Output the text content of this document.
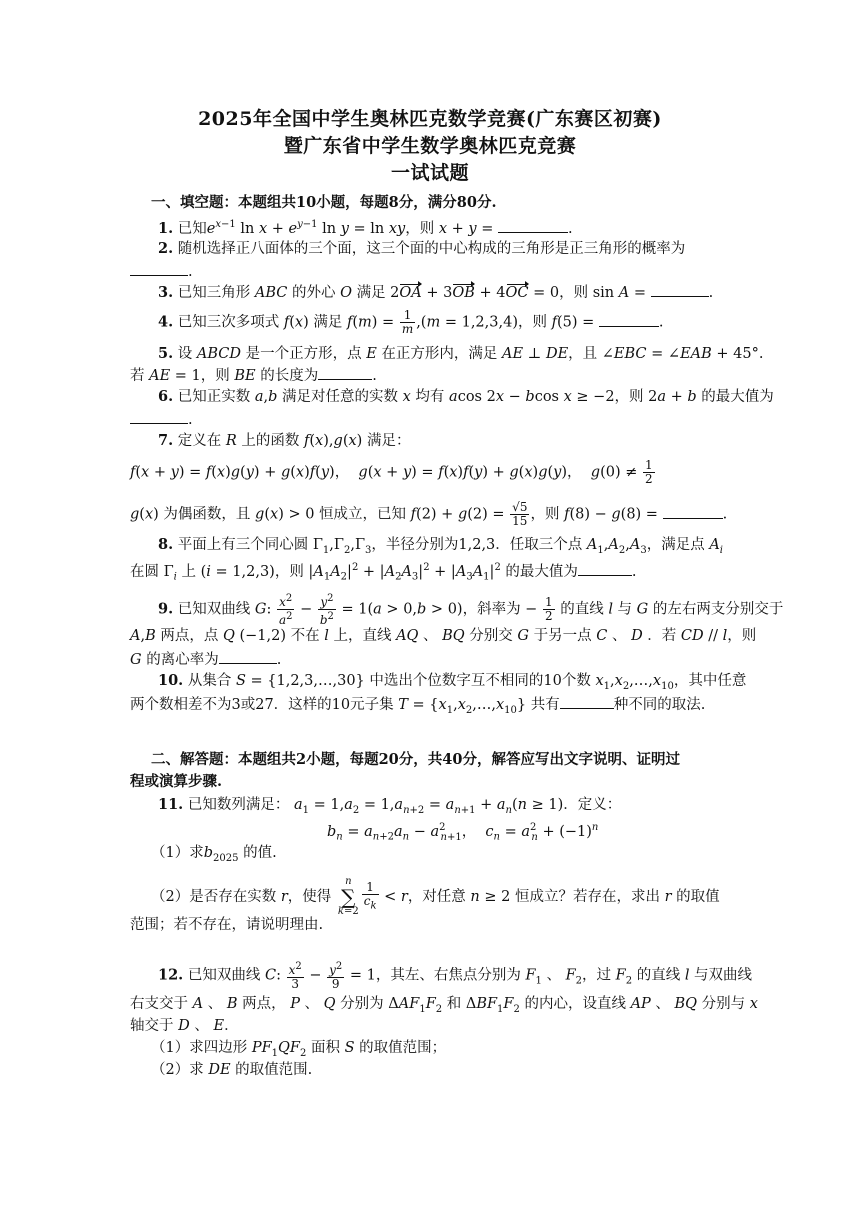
2025年全国中学生奥林匹克数学竞赛(广东赛区初赛)
暨广东省中学生数学奥林匹克竞赛
一试试题
一、填空题：本题组共10小题，每题8分，满分80分.
1. 已知$e^{x-1}$ $\ln x + e^{y-1}$ ln y = ln xy，则 x + y =	.
2. 随机选择正八面体的三个面，这三个面的中心构成的三角形是正三角形的概率为
.
3. 已知三角形 ABC 的外心 O 满足 2OA + 3OB + 4OC = 0，则 sin A =	.
4. 已知三次多项式 f(x) 满足 $f(m) = \frac{1}{m} ,(m = 1,2,3,4)$，则 f(5) =	.
5. 设 ABCD 是一个正方形，点 E 在正方形内，满足 AE ⊥ DE，且 ∠EBC = ∠EAB + 45°.
若 AE = 1，则 BE 的长度为	.
6. 已知正实数 a,b 满足对任意的实数 x 均有 acos 2x − bcos x ≥ −2，则 2a + b 的最大值为
.
7. 定义在 R 上的函数 f(x),g(x) 满足：
f(x + y) = f(x)g(y) + g(x)f(y)，  g(x + y) = f(x)f(y) + g(x)g(y)，  $g(0) \ne \frac{1}{2}$
g(x) 为偶函数，且 g(x) > 0 恒成立，已知 $f(2) + g(2) = \frac{√5}{15}$ ，则 f(8) − g(8) =	.
8. 平面上有三个同心圆 $\Gamma_1,\Gamma_2,\Gamma_3$，半径分别为1,2,3．任取三个点 $A_1,A_2,A_3$，满足点 $A_i$
在圆 $\Gamma_i$ 上 (i = 1,2,3)，则 $|A_1A_2|^2 + |A_2A_3|^2 + |A_3A_1|^2$ 的最大值为	.
9. 已知双曲线 G: $\frac{x^2}{a^2} - \frac{y^2}{b^2} = 1(a > 0,b > 0)$，斜率为 − $\frac{1}{2}$ 的直线 l 与 G 的左右两支分别交于
A,B 两点，点 Q (−1,2) 不在 l 上，直线 AQ 、 BQ 分别交 G 于另一点 C 、 D ．若 CD // l，则
G 的离心率为	.
10. 从集合 S = {1,2,3,…,30} 中选出个位数字互不相同的10个数 $x_1,x_2,\dots,x_{10}$，其中任意
两个数相差不为3或27．这样的10元子集 $T = \{x_1,x_2,\dots,x_{10}\}$ 共有	种不同的取法.
二、解答题：本题组共2小题，每题20分，共40分，解答应写出文字说明、证明过
程或演算步骤.
11. 已知数列满足： $a_1 = 1,a_2 = 1,a_{n+2} = a_{n+1} + a_n(n \ge 1)$．定义：
$b_n = a_{n+2}a_n - a^2_{n+1}$，  $c_n = a^2_n + (-1)^n$
（1）求$b_{2025}$ 的值.
（2）是否存在实数 r，使得 n
∑
$k=2 \frac{1}{c_k} < r$，对任意 n ≥ 2 恒成立？若存在，求出 r 的取值
范围；若不存在，请说明理由.
12. 已知双曲线 C: $\frac{x^2}{3} - \frac{y^2}{9} = 1$，其左、右焦点分别为 $F_1$ 、 $F_2$，过 $F_2$ 的直线 l 与双曲线
右支交于 A 、 B 两点， P 、 Q 分别为 $\Delta AF_1F_2$ 和 $\Delta BF_1F_2$ 的内心，设直线 AP 、 BQ 分别与 x
轴交于 D 、 E．
（1）求四边形 $PF_1QF_2$ 面积 S 的取值范围；
（2）求 DE 的取值范围.
